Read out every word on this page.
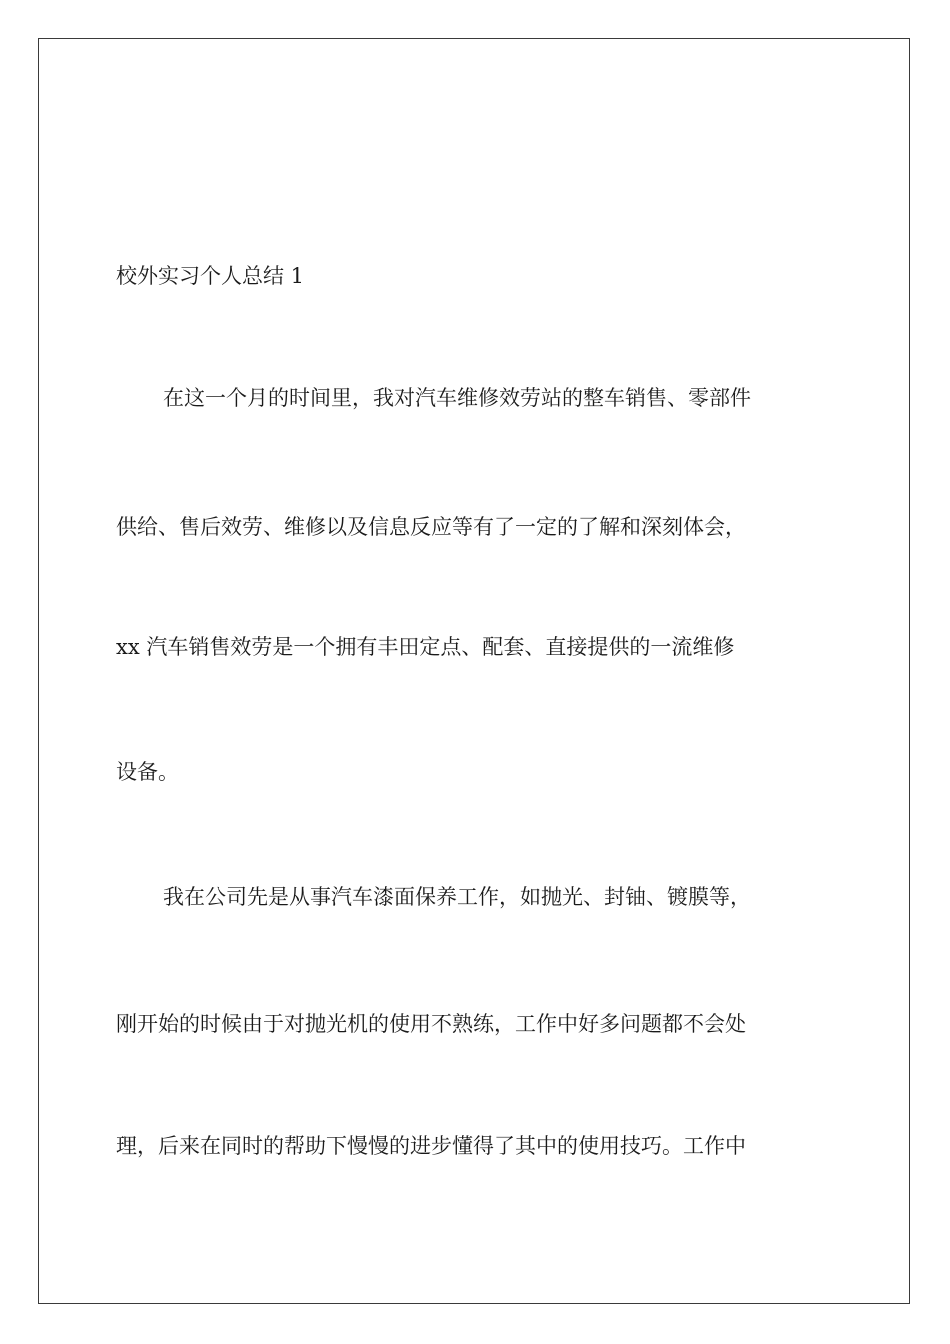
校外实习个人总结 1
在这一个月的时间里，我对汽车维修效劳站的整车销售、零部件
供给、售后效劳、维修以及信息反应等有了一定的了解和深刻体会，
xx 汽车销售效劳是一个拥有丰田定点、配套、直接提供的一流维修
设备。
我在公司先是从事汽车漆面保养工作，如抛光、封铀、镀膜等，
刚开始的时候由于对抛光机的使用不熟练，工作中好多问题都不会处
理，后来在同时的帮助下慢慢的进步懂得了其中的使用技巧。工作中
